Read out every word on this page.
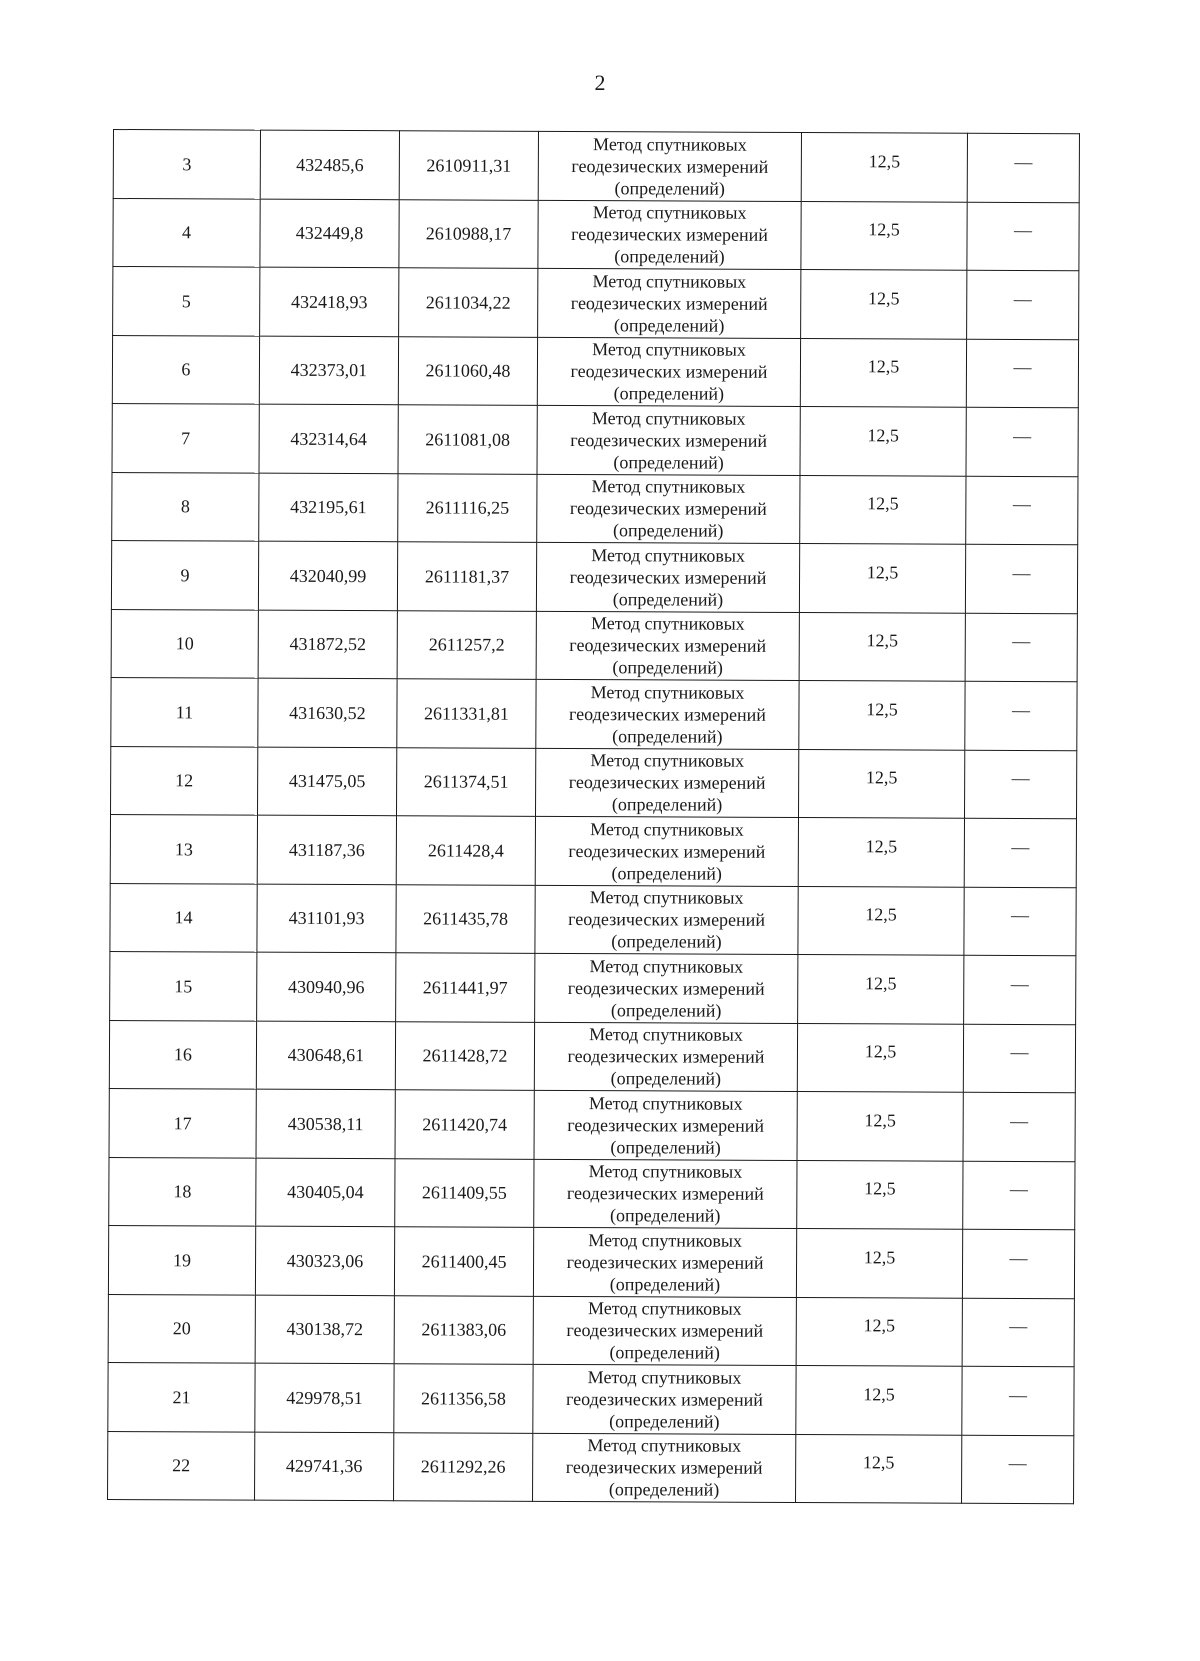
2
3	432485,6	2610911,31	Метод спутниковых
геодезических измерений
(определений)	12,5	—
4	432449,8	2610988,17	Метод спутниковых
геодезических измерений
(определений)	12,5	—
5	432418,93	2611034,22	Метод спутниковых
геодезических измерений
(определений)	12,5	—
6	432373,01	2611060,48	Метод спутниковых
геодезических измерений
(определений)	12,5	—
7	432314,64	2611081,08	Метод спутниковых
геодезических измерений
(определений)	12,5	—
8	432195,61	2611116,25	Метод спутниковых
геодезических измерений
(определений)	12,5	—
9	432040,99	2611181,37	Метод спутниковых
геодезических измерений
(определений)	12,5	—
10	431872,52	2611257,2	Метод спутниковых
геодезических измерений
(определений)	12,5	—
11	431630,52	2611331,81	Метод спутниковых
геодезических измерений
(определений)	12,5	—
12	431475,05	2611374,51	Метод спутниковых
геодезических измерений
(определений)	12,5	—
13	431187,36	2611428,4	Метод спутниковых
геодезических измерений
(определений)	12,5	—
14	431101,93	2611435,78	Метод спутниковых
геодезических измерений
(определений)	12,5	—
15	430940,96	2611441,97	Метод спутниковых
геодезических измерений
(определений)	12,5	—
16	430648,61	2611428,72	Метод спутниковых
геодезических измерений
(определений)	12,5	—
17	430538,11	2611420,74	Метод спутниковых
геодезических измерений
(определений)	12,5	—
18	430405,04	2611409,55	Метод спутниковых
геодезических измерений
(определений)	12,5	—
19	430323,06	2611400,45	Метод спутниковых
геодезических измерений
(определений)	12,5	—
20	430138,72	2611383,06	Метод спутниковых
геодезических измерений
(определений)	12,5	—
21	429978,51	2611356,58	Метод спутниковых
геодезических измерений
(определений)	12,5	—
22	429741,36	2611292,26	Метод спутниковых
геодезических измерений
(определений)	12,5	—
